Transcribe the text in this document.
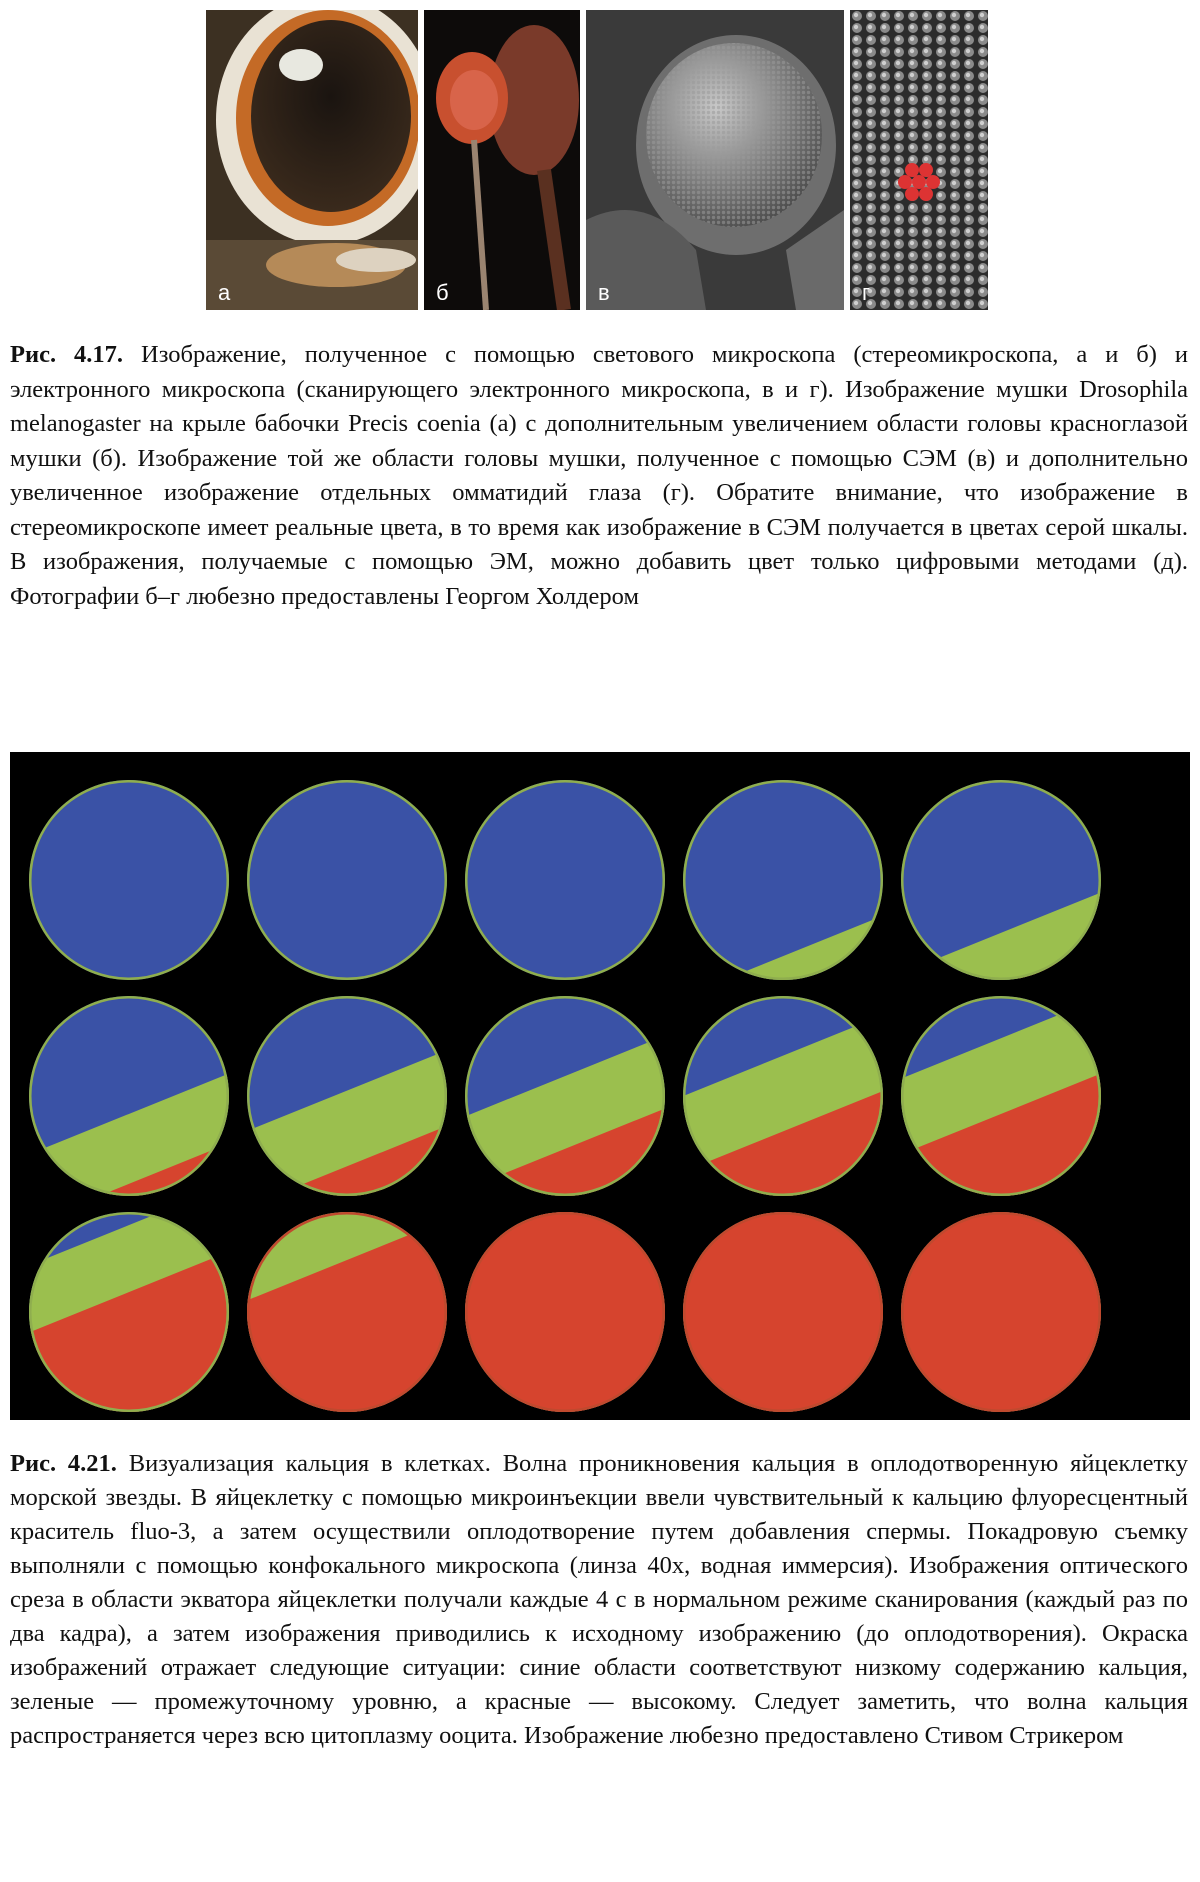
а	б	в	г
Рис. 4.17. Изображение, полученное с помощью светового микроскопа (стереомикроскопа, а и б) и электронного микроскопа (сканирующего электронного микроскопа, в и г). Изображение мушки Drosophila melanogaster на крыле бабочки Precis coenia (а) с дополнительным увеличением области головы красноглазой мушки (б). Изображение той же области головы мушки, полученное с помощью СЭМ (в) и дополнительно увеличенное изображение отдельных омматидий глаза (г). Обратите внимание, что изображение в стереомикроскопе имеет реальные цвета, в то время как изображение в СЭМ получается в цветах серой шкалы. В изображения, получаемые с помощью ЭМ, можно добавить цвет только цифровыми методами (д). Фотографии б–г любезно предоставлены Георгом Холдером
Рис. 4.21. Визуализация кальция в клетках. Волна проникновения кальция в оплодотворенную яйцеклетку морской звезды. В яйцеклетку с помощью микроинъекции ввели чувствительный к кальцию флуоресцентный краситель fluo-3, а затем осуществили оплодотворение путем добавления спермы. Покадровую съемку выполняли с помощью конфокального микроскопа (линза 40х, водная иммерсия). Изображения оптического среза в области экватора яйцеклетки получали каждые 4 с в нормальном режиме сканирования (каждый раз по два кадра), а затем изображения приводились к исходному изображению (до оплодотворения). Окраска изображений отражает следующие ситуации: синие области соответствуют низкому содержанию кальция, зеленые — промежуточному уровню, а красные — высокому. Следует заметить, что волна кальция распространяется через всю цитоплазму ооцита. Изображение любезно предоставлено Стивом Стрикером
